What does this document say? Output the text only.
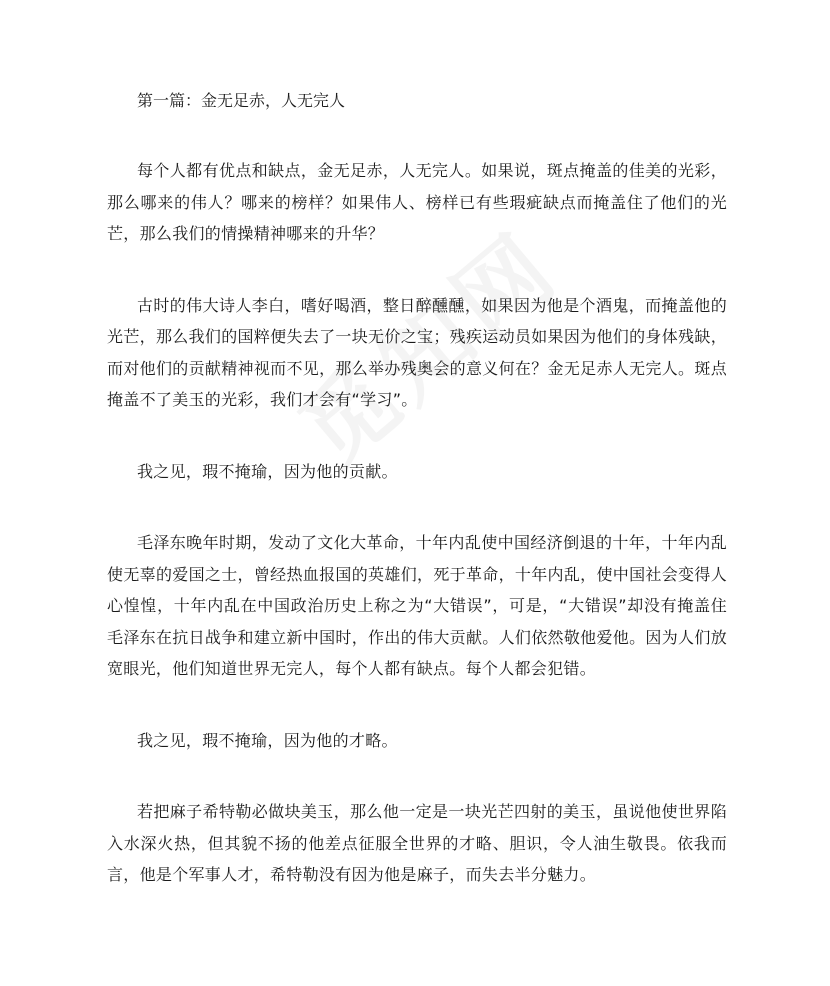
第一篇：金无足赤，人无完人

每个人都有优点和缺点，金无足赤，人无完人。如果说，斑点掩盖的佳美的光彩，那么哪来的伟人？哪来的榜样？如果伟人、榜样已有些瑕疵缺点而掩盖住了他们的光芒，那么我们的情操精神哪来的升华？

古时的伟大诗人李白，嗜好喝酒，整日醉醺醺，如果因为他是个酒鬼，而掩盖他的光芒，那么我们的国粹便失去了一块无价之宝；残疾运动员如果因为他们的身体残缺，而对他们的贡献精神视而不见，那么举办残奥会的意义何在？金无足赤人无完人。斑点掩盖不了美玉的光彩，我们才会有“学习”。

我之见，瑕不掩瑜，因为他的贡献。

毛泽东晚年时期，发动了文化大革命，十年内乱使中国经济倒退的十年，十年内乱使无辜的爱国之士，曾经热血报国的英雄们，死于革命，十年内乱，使中国社会变得人心惶惶，十年内乱在中国政治历史上称之为“大错误”，可是，“大错误”却没有掩盖住毛泽东在抗日战争和建立新中国时，作出的伟大贡献。人们依然敬他爱他。因为人们放宽眼光，他们知道世界无完人，每个人都有缺点。每个人都会犯错。

我之见，瑕不掩瑜，因为他的才略。

若把麻子希特勒必做块美玉，那么他一定是一块光芒四射的美玉，虽说他使世界陷入水深火热，但其貌不扬的他差点征服全世界的才略、胆识，令人油生敬畏。依我而言，他是个军事人才，希特勒没有因为他是麻子，而失去半分魅力。
